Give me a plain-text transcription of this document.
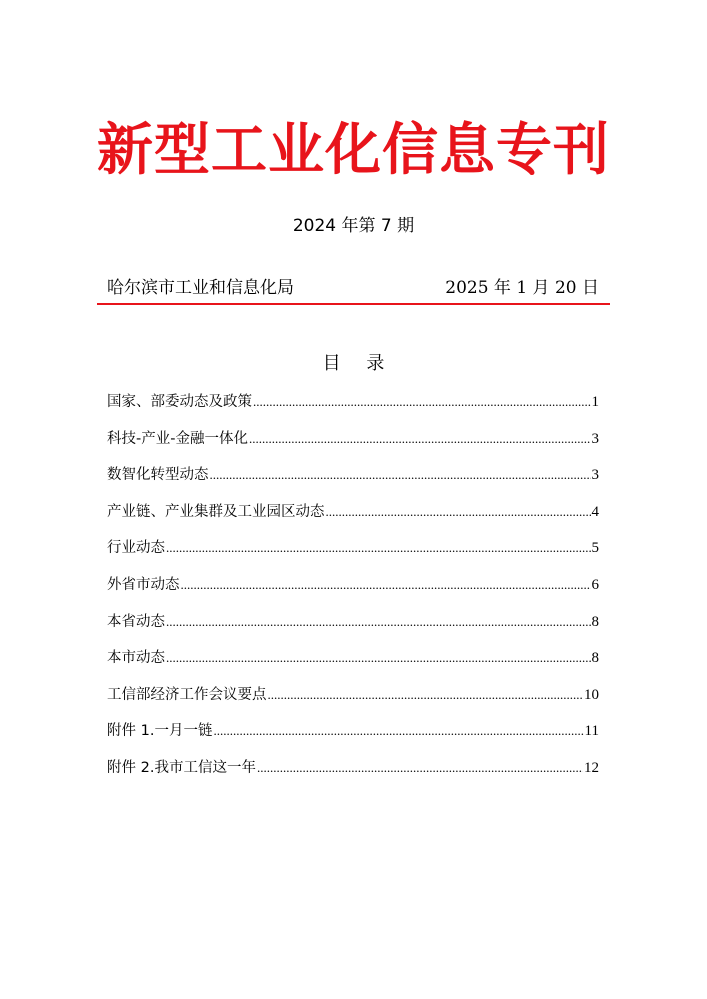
新型工业化信息专刊
2024 年第 7 期
哈尔滨市工业和信息化局	2025 年 1 月 20 日
目 录
国家、部委动态及政策 .....	1
科技-产业-金融一体化 .....	3
数智化转型动态 .....	3
产业链、产业集群及工业园区动态 .....	4
行业动态 .....	5
外省市动态 .....	6
本省动态 .....	8
本市动态 .....	8
工信部经济工作会议要点 .....	10
附件 1.一月一链 .....	11
附件 2.我市工信这一年 .....	12
